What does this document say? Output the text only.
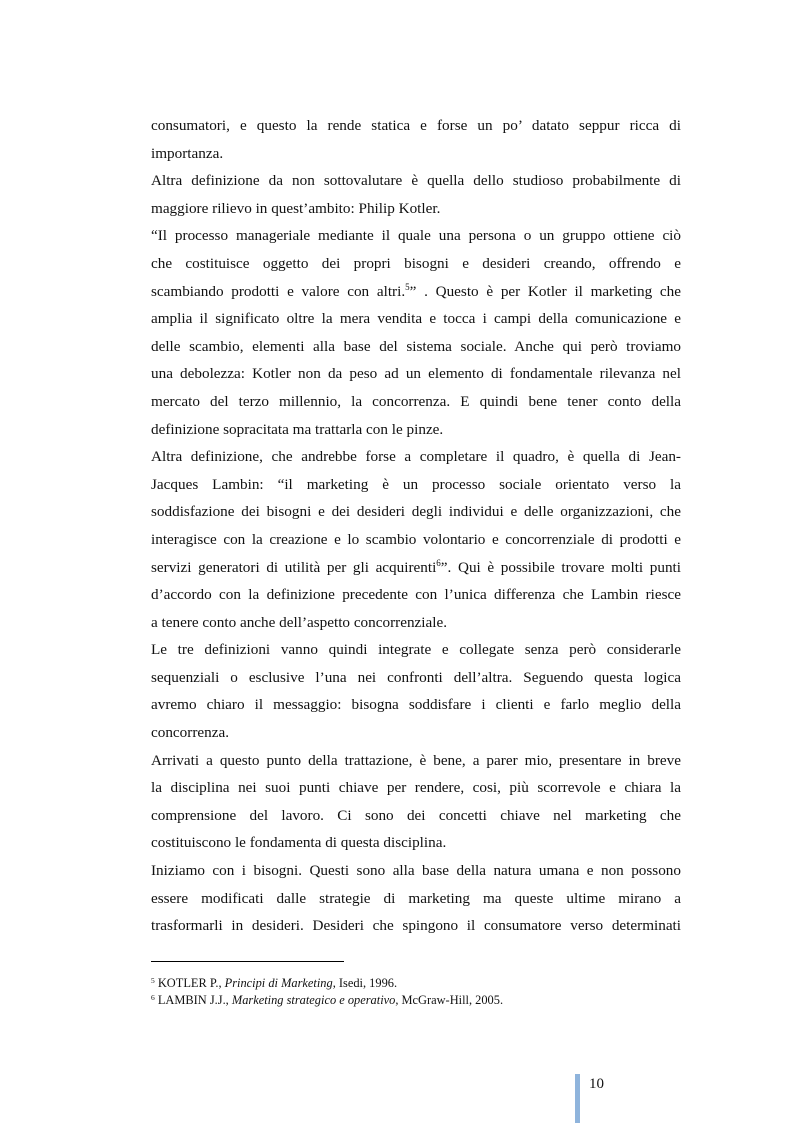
consumatori, e questo la rende statica e forse un po’ datato seppur ricca di
importanza.
Altra definizione da non sottovalutare è quella dello studioso probabilmente di
maggiore rilievo in quest’ambito: Philip Kotler.
“Il processo manageriale mediante il quale una persona o un gruppo ottiene ciò
che costituisce oggetto dei propri bisogni e desideri creando, offrendo e
scambiando prodotti e valore con altri.$^5$” . Questo è per Kotler il marketing che
amplia il significato oltre la mera vendita e tocca i campi della comunicazione e
delle scambio, elementi alla base del sistema sociale. Anche qui però troviamo
una debolezza: Kotler non da peso ad un elemento di fondamentale rilevanza nel
mercato del terzo millennio, la concorrenza. E quindi bene tener conto della
definizione sopracitata ma trattarla con le pinze.
Altra definizione, che andrebbe forse a completare il quadro, è quella di Jean-
Jacques Lambin: “il marketing è un processo sociale orientato verso la
soddisfazione dei bisogni e dei desideri degli individui e delle organizzazioni, che
interagisce con la creazione e lo scambio volontario e concorrenziale di prodotti e
servizi generatori di utilità per gli acquirenti$^6$”. Qui è possibile trovare molti punti
d’accordo con la definizione precedente con l’unica differenza che Lambin riesce
a tenere conto anche dell’aspetto concorrenziale.
Le tre definizioni vanno quindi integrate e collegate senza però considerarle
sequenziali o esclusive l’una nei confronti dell’altra. Seguendo questa logica
avremo chiaro il messaggio: bisogna soddisfare i clienti e farlo meglio della
concorrenza.
Arrivati a questo punto della trattazione, è bene, a parer mio, presentare in breve
la disciplina nei suoi punti chiave per rendere, cosi, più scorrevole e chiara la
comprensione del lavoro. Ci sono dei concetti chiave nel marketing che
costituiscono le fondamenta di questa disciplina.
Iniziamo con i bisogni. Questi sono alla base della natura umana e non possono
essere modificati dalle strategie di marketing ma queste ultime mirano a
trasformarli in desideri. Desideri che spingono il consumatore verso determinati
$^5$ KOTLER P., Principi di Marketing, Isedi, 1996.
$^6$ LAMBIN J.J., Marketing strategico e operativo, McGraw-Hill, 2005.
10
